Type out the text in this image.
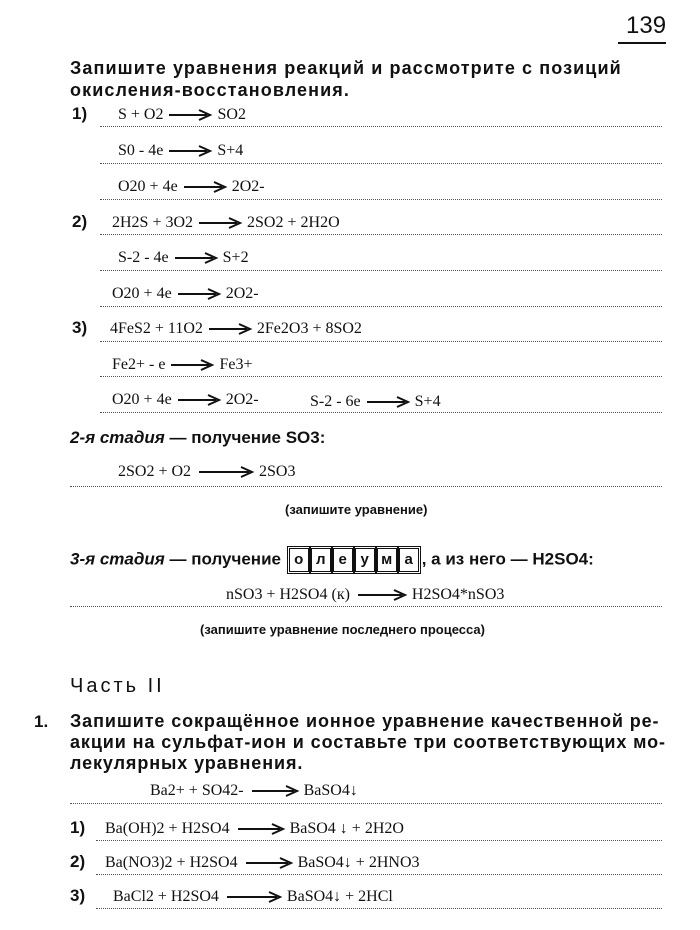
139
Запишите уравнения реакций и рассмотрите с позиций
окисления-восстановления.
1) S + O2	SO2
S0 - 4e	S+4
O20 + 4e	2O2-
2) 2H2S + 3O2	2SO2 + 2H2O
S-2 - 4e	S+2
O20 + 4e	2O2-
3) 4FeS2 + 11O2	2Fe2O3 + 8SO2
Fe2+ - e	Fe3+
O20 + 4e	2O2-	S-2 - 6e	S+4
2-я стадия — получение SO3:
2SO2 + O2	2SO3
(запишите уравнение)
3-я стадия — получение о л е у м а , а из него — H2SO4:
nSO3 + H2SO4 (к)	H2SO4*nSO3
(запишите уравнение последнего процесса)
Часть II
1. Запишите сокращённое ионное уравнение качественной ре-
акции на сульфат-ион и составьте три соответствующих мо-
лекулярных уравнения.
Ba2+ + SO42-	BaSO4↓
1) Ba(OH)2 + H2SO4	BaSO4 ↓ + 2H2O
2) Ba(NO3)2 + H2SO4	BaSO4↓ + 2HNO3
3) BaCl2 + H2SO4	BaSO4↓ + 2HCl
